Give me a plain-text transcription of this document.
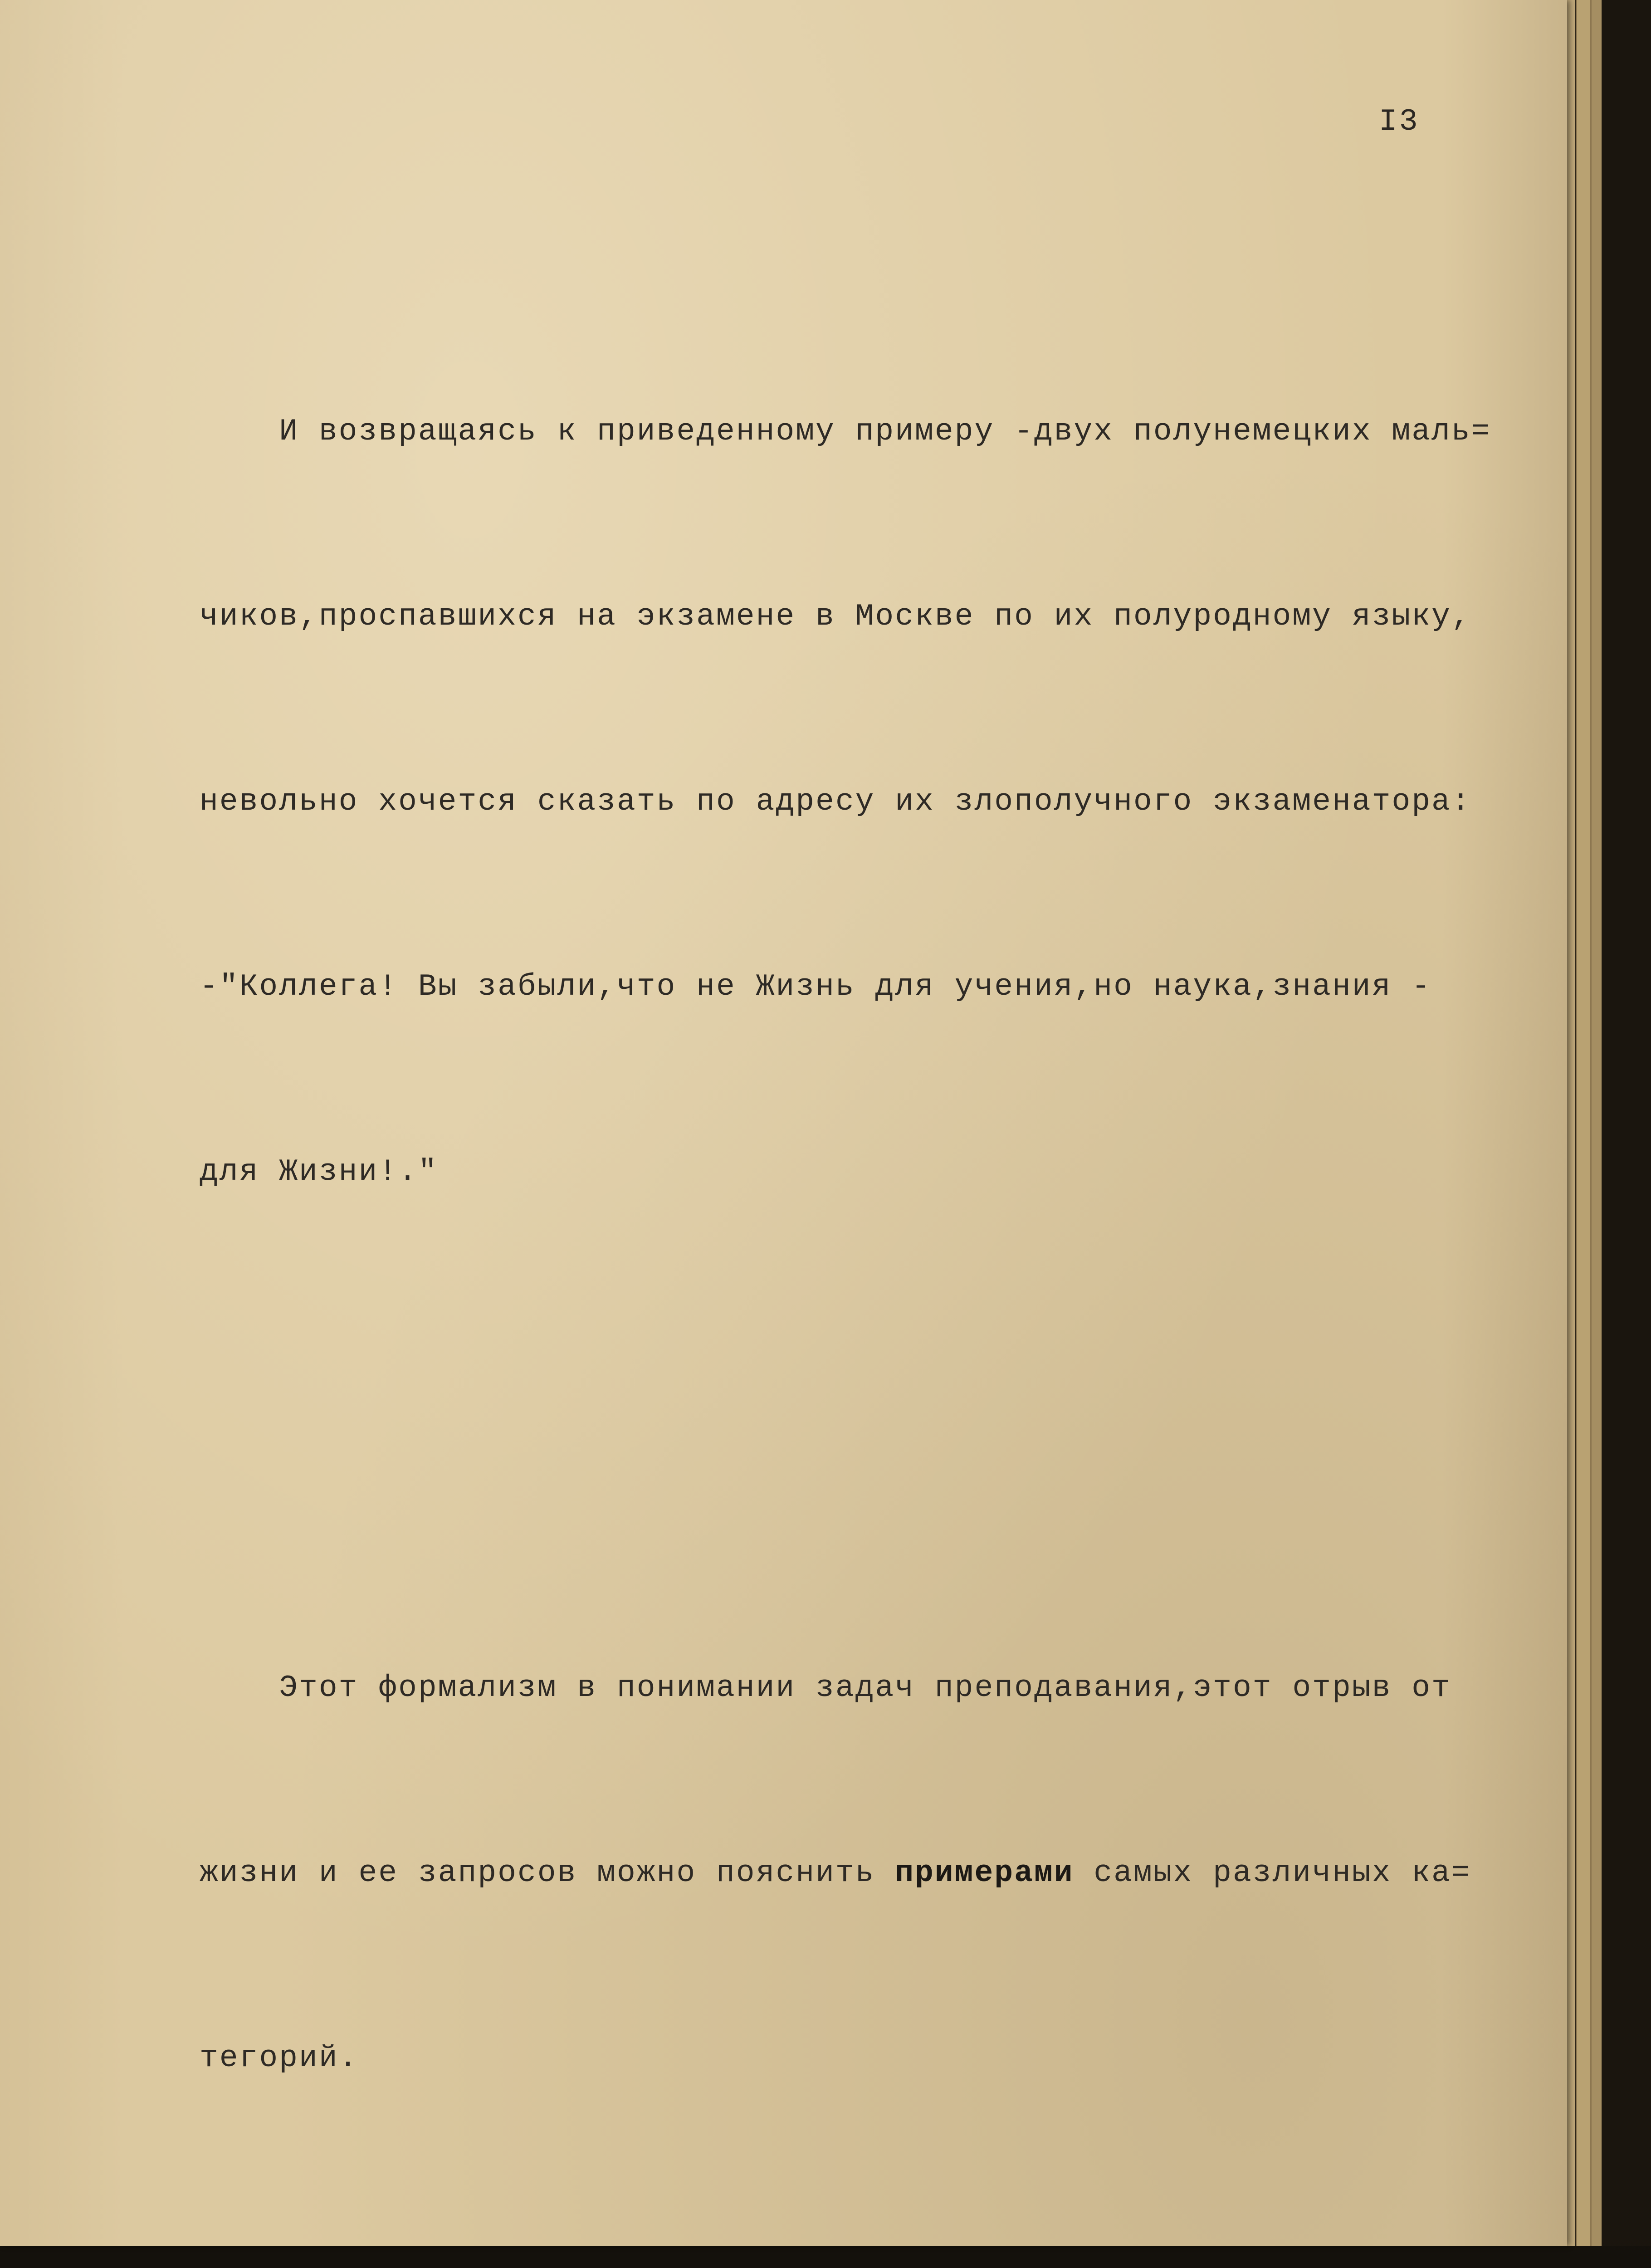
I3

И возвращаясь к приведенному примеру -двух полунемецких маль=

чиков,проспавшихся на экзамене в Москве по их полуродному языку,

невольно хочется сказать по адресу их злополучного экзаменатора:

-"Коллега! Вы забыли,что не Жизнь для учения,но наука,знания -

для Жизни!."

Этот формализм в понимании задач преподавания,этот отрыв от

жизни и ее запросов можно пояснить примерами самых различных ка=

тегорий.
